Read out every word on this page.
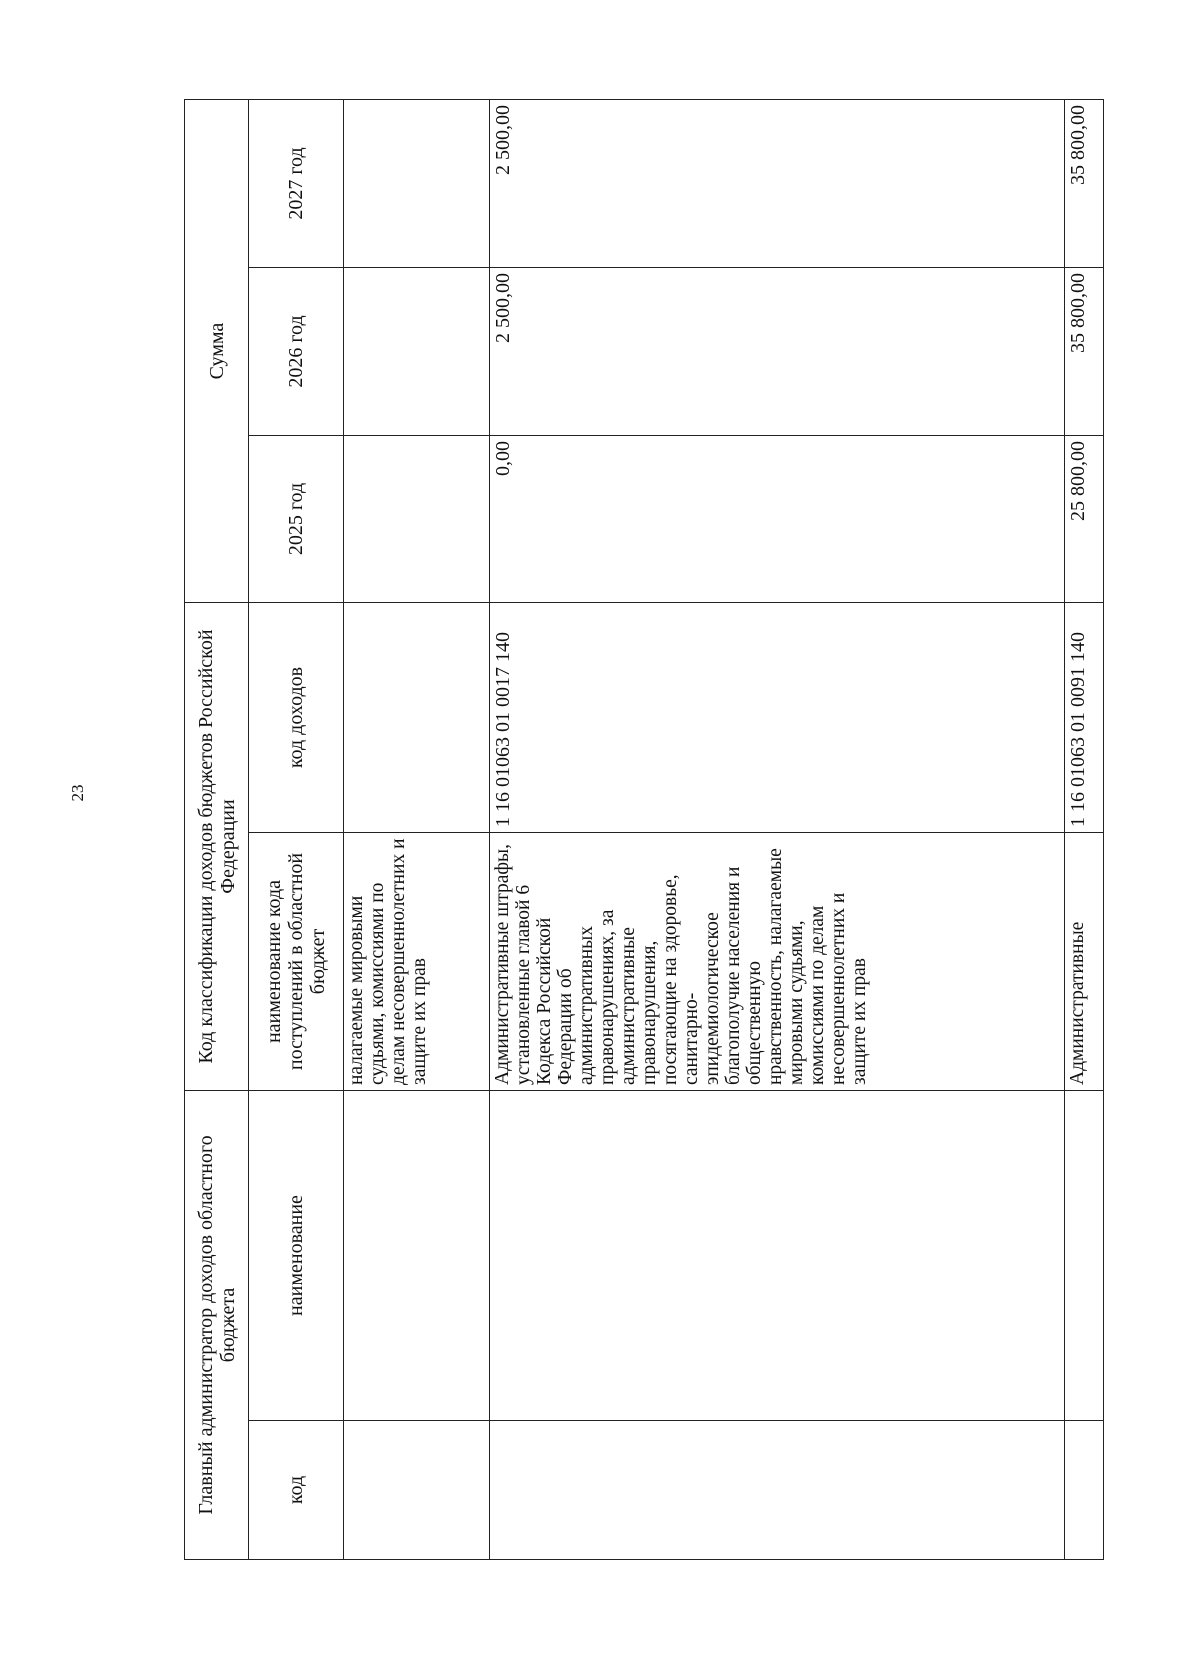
23
Главный администратор доходов областного бюджета		Код классификации доходов бюджетов Российской Федерации		Сумма		
код	наименование	наименование кода поступлений в областной бюджет	код доходов	2025 год	2026 год	2027 год
		налагаемые мировыми судьями, комиссиями по делам несовершеннолетних и защите их прав				
		Административные штрафы, установленные главой 6 Кодекса Российской Федерации об административных правонарушениях, за административные правонарушения, посягающие на здоровье, санитарно-эпидемиологическое благополучие населения и общественную нравственность, налагаемые мировыми судьями, комиссиями по делам несовершеннолетних и защите их прав	1 16 01063 01 0017 140	0,00	2 500,00	2 500,00
		Административные	1 16 01063 01 0091 140	25 800,00	35 800,00	35 800,00
